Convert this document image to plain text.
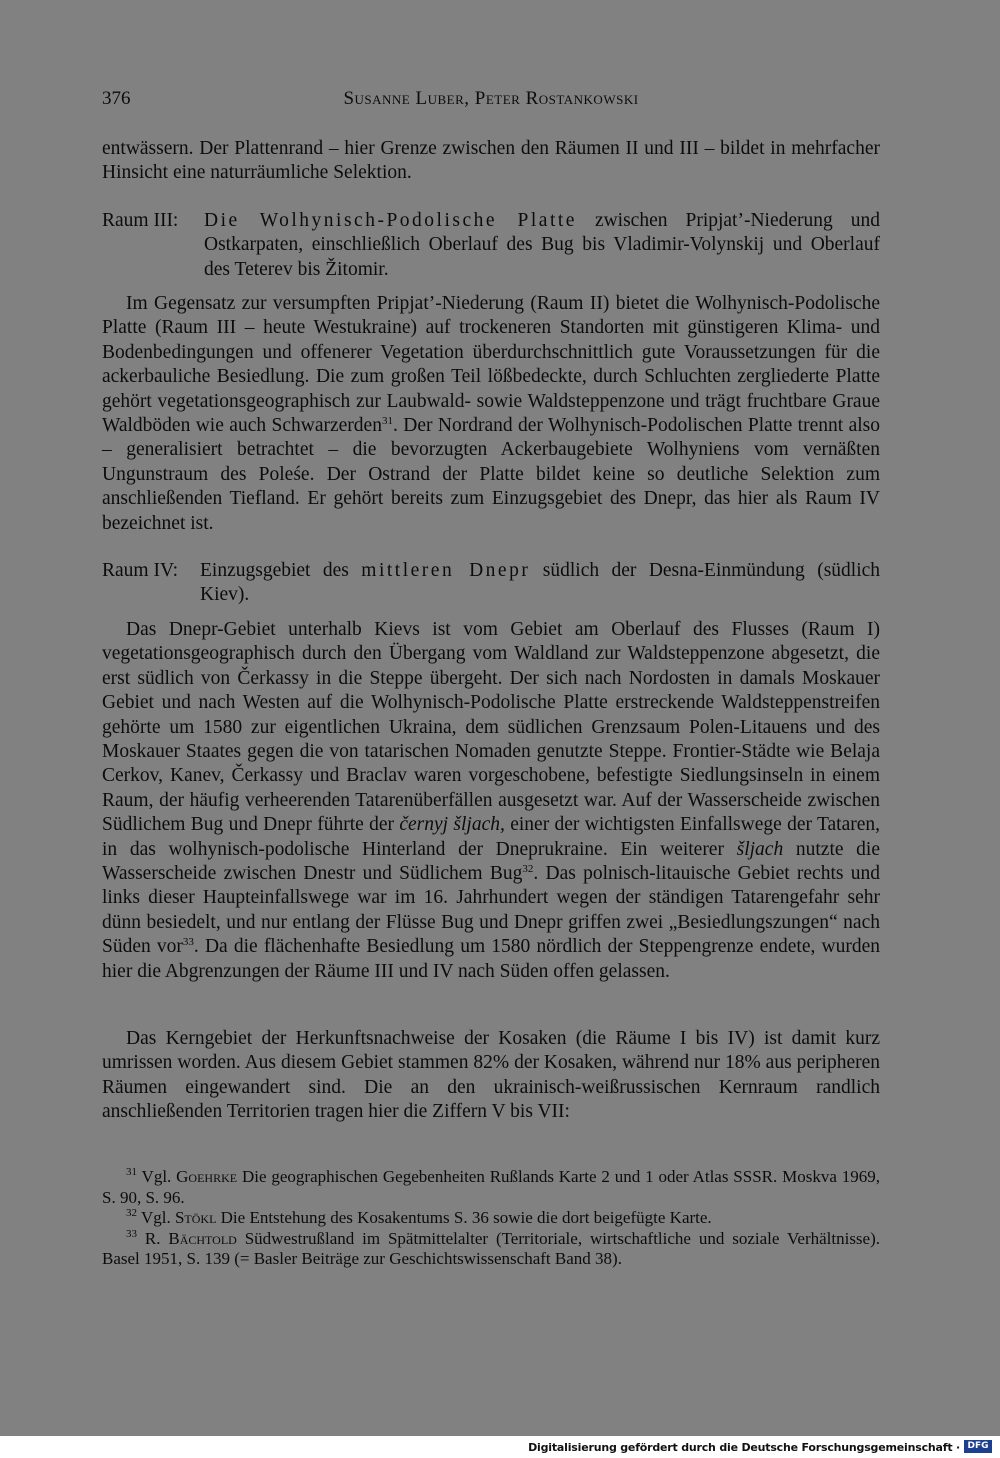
376	Susanne Luber, Peter Rostankowski

entwässern. Der Plattenrand – hier Grenze zwischen den Räumen II und III – bildet in mehrfacher Hinsicht eine naturräumliche Selektion.

Raum III:	Die Wolhynisch-Podolische Platte zwischen Pripjat’-Niederung und Ostkarpaten, einschließlich Oberlauf des Bug bis Vladimir-Volynskij und Oberlauf des Teterev bis Žitomir.

Im Gegensatz zur versumpften Pripjat’-Niederung (Raum II) bietet die Wolhynisch-Podolische Platte (Raum III – heute Westukraine) auf trockeneren Standorten mit günstigeren Klima- und Bodenbedingungen und offenerer Vegetation überdurchschnittlich gute Voraussetzungen für die ackerbauliche Besiedlung. Die zum großen Teil lößbedeckte, durch Schluchten zergliederte Platte gehört vegetationsgeographisch zur Laubwald- sowie Waldsteppenzone und trägt fruchtbare Graue Waldböden wie auch Schwarzerden$^{31}$. Der Nordrand der Wolhynisch-Podolischen Platte trennt also – generalisiert betrachtet – die bevorzugten Ackerbaugebiete Wolhyniens vom vernäßten Ungunstraum des Poleśe. Der Ostrand der Platte bildet keine so deutliche Selektion zum anschließenden Tiefland. Er gehört bereits zum Einzugsgebiet des Dnepr, das hier als Raum IV bezeichnet ist.

Raum IV:	Einzugsgebiet des mittleren Dnepr südlich der Desna-Einmündung (südlich Kiev).

Das Dnepr-Gebiet unterhalb Kievs ist vom Gebiet am Oberlauf des Flusses (Raum I) vegetationsgeographisch durch den Übergang vom Waldland zur Waldsteppenzone abgesetzt, die erst südlich von Čerkassy in die Steppe übergeht. Der sich nach Nordosten in damals Moskauer Gebiet und nach Westen auf die Wolhynisch-Podolische Platte erstreckende Waldsteppenstreifen gehörte um 1580 zur eigentlichen Ukraina, dem südlichen Grenzsaum Polen-Litauens und des Moskauer Staates gegen die von tatarischen Nomaden genutzte Steppe. Frontier-Städte wie Belaja Cerkov, Kanev, Čerkassy und Braclav waren vorgeschobene, befestigte Siedlungsinseln in einem Raum, der häufig verheerenden Tatarenüberfällen ausgesetzt war. Auf der Wasserscheide zwischen Südlichem Bug und Dnepr führte der černyj šljach, einer der wichtigsten Einfallswege der Tataren, in das wolhynisch-podolische Hinterland der Dneprukraine. Ein weiterer šljach nutzte die Wasserscheide zwischen Dnestr und Südlichem Bug$^{32}$. Das polnisch-litauische Gebiet rechts und links dieser Haupteinfallswege war im 16. Jahrhundert wegen der ständigen Tatarengefahr sehr dünn besiedelt, und nur entlang der Flüsse Bug und Dnepr griffen zwei „Besiedlungszungen“ nach Süden vor$^{33}$. Da die flächenhafte Besiedlung um 1580 nördlich der Steppengrenze endete, wurden hier die Abgrenzungen der Räume III und IV nach Süden offen gelassen.

Das Kerngebiet der Herkunftsnachweise der Kosaken (die Räume I bis IV) ist damit kurz umrissen worden. Aus diesem Gebiet stammen 82% der Kosaken, während nur 18% aus peripheren Räumen eingewandert sind. Die an den ukrainisch-weißrussischen Kernraum randlich anschließenden Territorien tragen hier die Ziffern V bis VII:

$^{31}$ Vgl. Goehrke Die geographischen Gegebenheiten Rußlands Karte 2 und 1 oder Atlas SSSR. Moskva 1969, S. 90, S. 96.

$^{32}$ Vgl. Stökl Die Entstehung des Kosakentums S. 36 sowie die dort beigefügte Karte.

$^{33}$ R. Bächtold Südwestrußland im Spätmittelalter (Territoriale, wirtschaftliche und soziale Verhältnisse). Basel 1951, S. 139 (= Basler Beiträge zur Geschichtswissenschaft Band 38).

Digitalisierung gefördert durch die Deutsche Forschungsgemeinschaft · DFG
